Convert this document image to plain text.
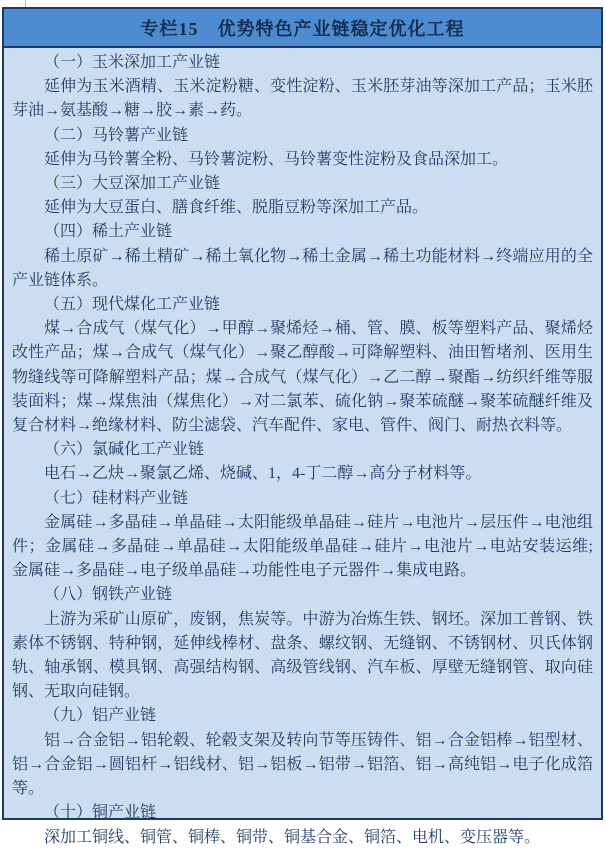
专栏15　优势特色产业链稳定优化工程
（一）玉米深加工产业链
延伸为玉米酒精、玉米淀粉糖、变性淀粉、玉米胚芽油等深加工产品；玉米胚芽油→氨基酸→糖→胶→素→药。
（二）马铃薯产业链
延伸为马铃薯全粉、马铃薯淀粉、马铃薯变性淀粉及食品深加工。
（三）大豆深加工产业链
延伸为大豆蛋白、膳食纤维、脱脂豆粉等深加工产品。
（四）稀土产业链
稀土原矿→稀土精矿→稀土氧化物→稀土金属→稀土功能材料→终端应用的全产业链体系。
（五）现代煤化工产业链
煤→合成气（煤气化）→甲醇→聚烯烃→桶、管、膜、板等塑料产品、聚烯烃改性产品；煤→合成气（煤气化）→聚乙醇酸→可降解塑料、油田暂堵剂、医用生物缝线等可降解塑料产品；煤→合成气（煤气化）→乙二醇→聚酯→纺织纤维等服装面料；煤→煤焦油（煤焦化）→对二氯苯、硫化钠→聚苯硫醚→聚苯硫醚纤维及复合材料→绝缘材料、防尘滤袋、汽车配件、家电、管件、阀门、耐热衣料等。
（六）氯碱化工产业链
电石→乙炔→聚氯乙烯、烧碱、1，4-丁二醇→高分子材料等。
（七）硅材料产业链
金属硅→多晶硅→单晶硅→太阳能级单晶硅→硅片→电池片→层压件→电池组件；金属硅→多晶硅→单晶硅→太阳能级单晶硅→硅片→电池片→电站安装运维; 金属硅→多晶硅→电子级单晶硅→功能性电子元器件→集成电路。
（八）钢铁产业链
上游为采矿山原矿，废钢，焦炭等。中游为冶炼生铁、钢坯。深加工普钢、铁素体不锈钢、特种钢，延伸线棒材、盘条、螺纹钢、无缝钢、不锈钢材、贝氏体钢轨、轴承钢、模具钢、高强结构钢、高级管线钢、汽车板、厚壁无缝钢管、取向硅钢、无取向硅钢。
（九）铝产业链
铝→合金铝→铝轮毂、轮毂支架及转向节等压铸件、铝→合金铝棒→铝型材、铝→合金铝→圆铝杆→铝线材、铝→铝板→铝带→铝箔、铝→高纯铝→电子化成箔等。
（十）铜产业链
深加工铜线、铜管、铜棒、铜带、铜基合金、铜箔、电机、变压器等。
